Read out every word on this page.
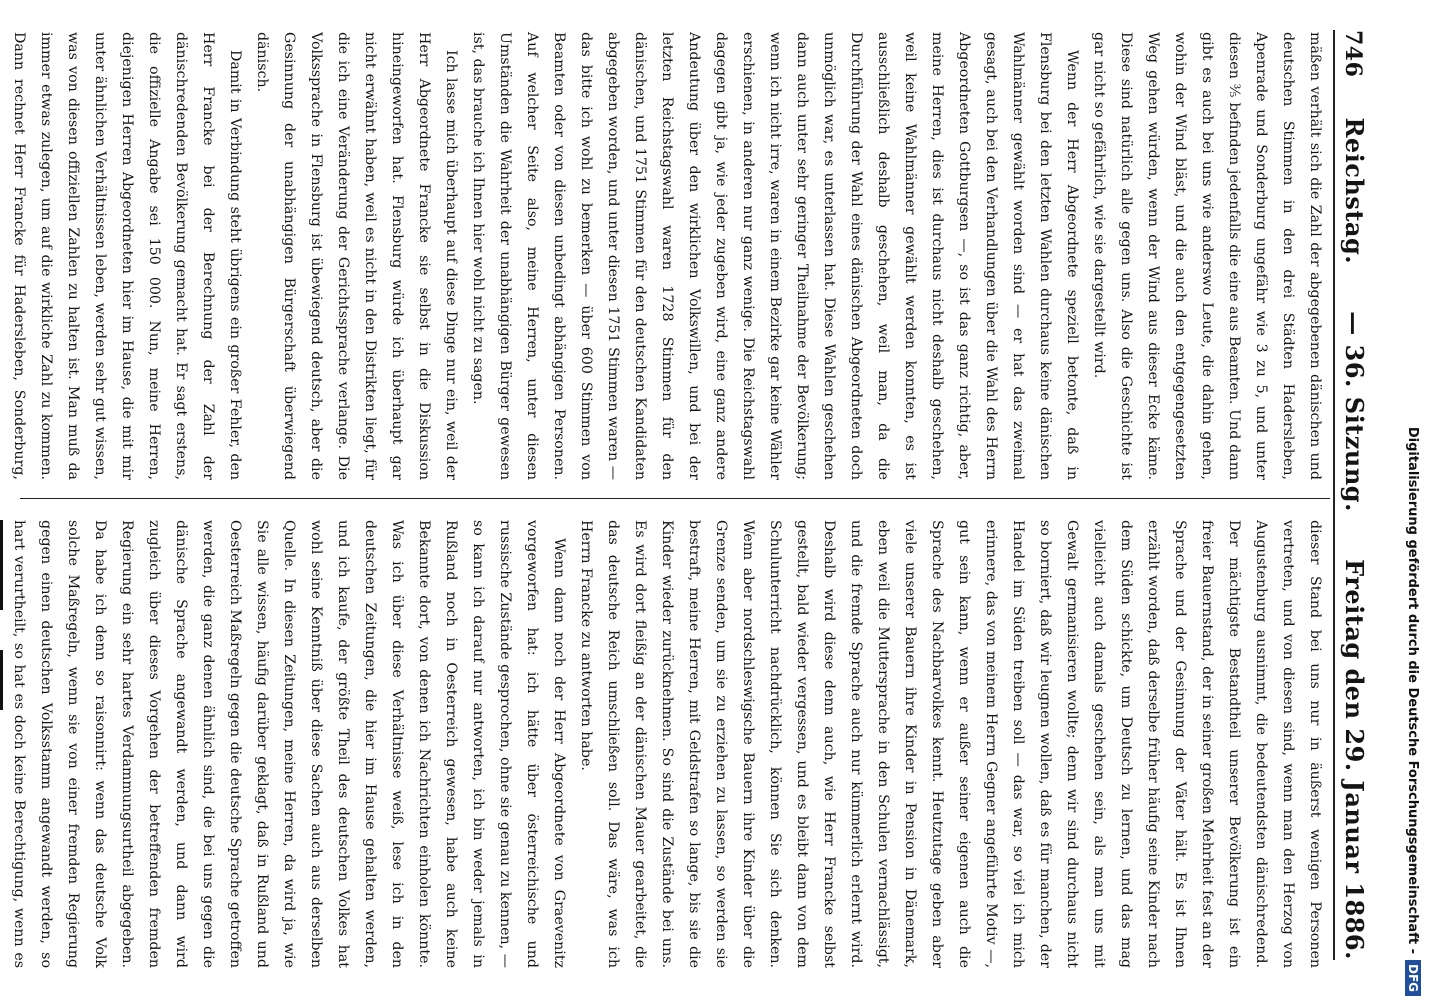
746
Reichstag.
— 36. Sitzung.
Freitag den 29. Januar 1886.

mäßen verhält sich die Zahl der abgegebenen dänischen und deutschen Stimmen in den drei Städten Hadersleben, Apenrade und Sonderburg ungefähr wie 3 zu 5, und unter diesen ⅗ befinden jedenfalls die eine aus Beamten. Und dann gibt es auch bei uns wie anderswo Leute, die dahin gehen, wohin der Wind bläst, und die auch den entgegengesetzten Weg gehen würden, wenn der Wind aus dieser Ecke käme. Diese sind natürlich alle gegen uns. Also die Geschichte ist gar nicht so gefährlich, wie sie dargestellt wird.

Wenn der Herr Abgeordnete speziell betonte, daß in Flensburg bei den letzten Wahlen durchaus keine dänischen Wahlmänner gewählt worden sind — er hat das zweimal gesagt, auch bei den Verhandlungen über die Wahl des Herrn Abgeordneten Gottburgsen —, so ist das ganz richtig, aber, meine Herren, dies ist durchaus nicht deshalb geschehen, weil keine Wahlmänner gewählt werden konnten, es ist ausschließlich deshalb geschehen, weil man, da die Durchführung der Wahl eines dänischen Abgeordneten doch unmöglich war, es unterlassen hat. Diese Wahlen geschehen dann auch unter sehr geringer Theilnahme der Bevölkerung; wenn ich nicht irre, waren in einem Bezirke gar keine Wähler erschienen, in anderen nur ganz wenige. Die Reichstagswahl dagegen gibt ja, wie jeder zugeben wird, eine ganz andere Andeutung über den wirklichen Volkswillen, und bei der letzten Reichstagswahl waren 1728 Stimmen für den dänischen, und 1751 Stimmen für den deutschen Kandidaten abgegeben worden, und unter diesen 1751 Stimmen waren — das bitte ich wohl zu bemerken — über 600 Stimmen von Beamten oder von diesen unbedingt abhängigen Personen. Auf welcher Seite also, meine Herren, unter diesen Umständen die Wahrheit der unabhängigen Bürger gewesen ist, das brauche ich Ihnen hier wohl nicht zu sagen.

Ich lasse mich überhaupt auf diese Dinge nur ein, weil der Herr Abgeordnete Francke sie selbst in die Diskussion hineingeworfen hat. Flensburg würde ich überhaupt gar nicht erwähnt haben, weil es nicht in den Distrikten liegt, für die ich eine Veränderung der Gerichtssprache verlange. Die Volkssprache in Flensburg ist übewiegend deutsch, aber die Gesinnung der unabhängigen Bürgerschaft überwiegend dänisch.

Damit in Verbindung steht übrigens ein großer Fehler, den Herr Francke bei der Berechnung der Zahl der dänischredenden Bevölkerung gemacht hat. Er sagt erstens, die offizielle Angabe sei 150 000. Nun, meine Herren, diejenigen Herren Abgeordneten hier im Hause, die mit mir unter ähnlichen Verhältnissen leben, werden sehr gut wissen, was von diesen offiziellen Zahlen zu halten ist. Man muß da immer etwas zulegen, um auf die wirkliche Zahl zu kommen. Dann rechnet Herr Francke für Hadersleben, Sonderburg,

dieser Stand bei uns nur in äußerst wenigen Personen vertreten, und von diesen sind, wenn man den Herzog von Augustenburg ausnimmt, die bedeutendsten dänischredend. Der mächtigste Bestandtheil unserer Bevölkerung ist ein freier Bauernstand, der in seiner großen Mehrheit fest an der Sprache und der Gesinnung der Väter hält. Es ist Ihnen erzählt worden, daß derselbe früher häufig seine Kinder nach dem Süden schickte, um Deutsch zu lernen, und das mag vielleicht auch damals geschehen sein, als man uns mit Gewalt germanisieren wollte; denn wir sind durchaus nicht so borniert, daß wir leugnen wollen, daß es für manchen, der Handel im Süden treiben soll — das war, so viel ich mich erinnere, das von meinem Herrn Gegner angeführte Motiv —, gut sein kann, wenn er außer seiner eigenen auch die Sprache des Nachbarvolkes kennt. Heutzutage geben aber viele unserer Bauern ihre Kinder in Pension in Dänemark, eben weil die Muttersprache in den Schulen vernachlässigt, und die fremde Sprache auch nur kümmerlich erlernt wird. Deshalb wird diese denn auch, wie Herr Francke selbst gestellt, bald wieder vergessen, und es bleibt dann von dem Schulunterricht nachdrücklich, können Sie sich denken. Wenn aber nordschleswigsche Bauern ihre Kinder über die Grenze senden, um sie zu erziehen zu lassen, so werden sie bestraft, meine Herren, mit Geldstrafen so lange, bis sie die Kinder wieder zurücknehmen. So sind die Zustände bei uns. Es wird dort fleißig an der dänischen Mauer gearbeitet, die das deutsche Reich umschließen soll. Das wäre, was ich Herrn Francke zu antworten habe.

Wenn dann noch der Herr Abgeordnete von Graevenitz vorgeworfen hat: ich hätte über österreichische und russische Zustände gesprochen, ohne sie genau zu kennen, — so kann ich darauf nur antworten, ich bin weder jemals in Rußland noch in Oesterreich gewesen, habe auch keine Bekannte dort, von denen ich Nachrichten einholen könnte. Was ich über diese Verhältnisse weiß, lese ich in den deutschen Zeitungen, die hier im Hause gehalten werden, und ich kaufe, der größte Theil des deutschen Volkes hat wohl seine Kenntniß über diese Sachen auch aus derselben Quelle. In diesen Zeitungen, meine Herren, da wird ja, wie Sie alle wissen, häufig darüber geklagt, daß in Rußland und Oesterreich Maßregeln gegen die deutsche Sprache getroffen werden, die ganz denen ähnlich sind, die bei uns gegen die dänische Sprache angewandt werden, und dann wird zugleich über dieses Vorgehen der betreffenden fremden Regierung ein sehr hartes Verdammungsurtheil abgegeben. Da habe ich denn so raisonnirt: wenn das deutsche Volk solche Maßregeln, wenn sie von einer fremden Regierung gegen einen deutschen Volksstamm angewandt werden, so hart verurtheilt, so hat es doch keine Berechtigung, wenn es

Digitalisierung gefördert durch die Deutsche Forschungsgemeinschaft -
DFG
